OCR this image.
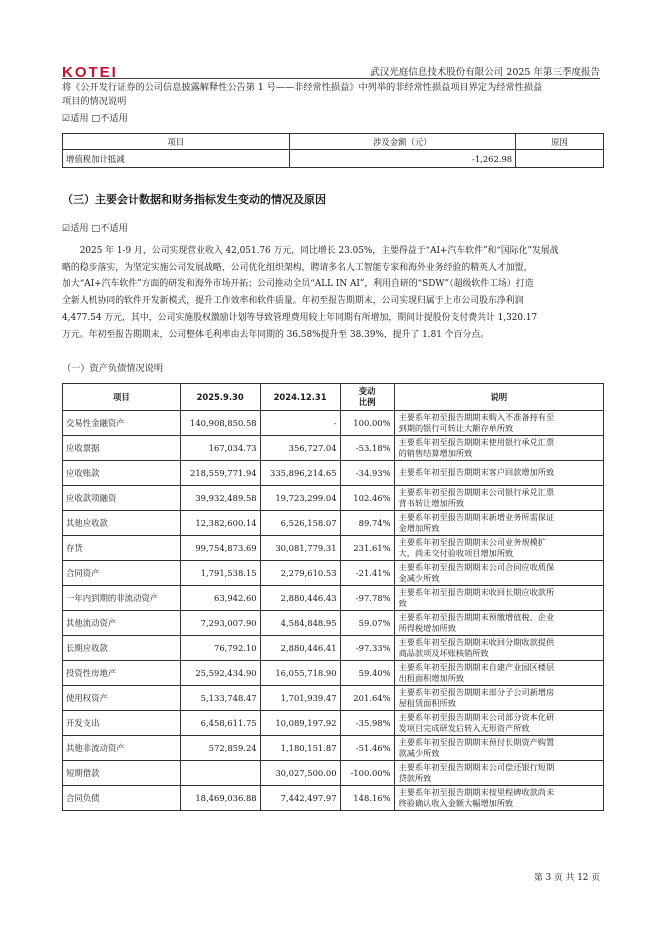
KOTEI	武汉光庭信息技术股份有限公司 2025 年第三季度报告
将《公开发行证券的公司信息披露解释性公告第 1 号——非经常性损益》中列举的非经常性损益项目界定为经常性损益
项目的情况说明
☑适用 □不适用
项目	涉及金额（元）	原因
增值税加计抵减	-1,262.98	
（三）主要会计数据和财务指标发生变动的情况及原因
☑适用 □不适用
　　2025 年 1-9 月，公司实现营业收入 42,051.76 万元，同比增长 23.05%，主要得益于“AI+汽车软件”和“国际化”发展战
略的稳步落实，为坚定实施公司发展战略，公司优化组织架构，聘请多名人工智能专家和海外业务经验的精英人才加盟，
加大“AI+汽车软件”方面的研发和海外市场开拓；公司推动全员“ALL IN AI”，利用自研的“SDW”（超级软件工场）打造
全新人机协同的软件开发新模式，提升工作效率和软件质量。年初至报告期期末，公司实现归属于上市公司股东净利润
4,477.54 万元，其中，公司实施股权激励计划等导致管理费用较上年同期有所增加，期间计提股份支付费共计 1,320.17
万元。年初至报告期期末，公司整体毛利率由去年同期的 36.58%提升至 38.39%，提升了 1.81 个百分点。
（一）资产负债情况说明
项目	2025.9.30	2024.12.31	变动
比例	说明
交易性金融资产	140,908,850.58	-	100.00%	主要系年初至报告期期末购入不准备持有至
到期的银行可转让大额存单所致
应收票据	167,034.73	356,727.04	-53.18%	主要系年初至报告期期末使用银行承兑汇票
的销售结算增加所致
应收账款	218,559,771.94	335,896,214.65	-34.93%	主要系年初至报告期期末客户回款增加所致
应收款项融资	39,932,489.58	19,723,299.04	102.46%	主要系年初至报告期期末公司银行承兑汇票
背书转让增加所致
其他应收款	12,382,600.14	6,526,158.07	89.74%	主要系年初至报告期期末新增业务所需保证
金增加所致
存货	99,754,873.69	30,081,779.31	231.61%	主要系年初至报告期期末公司业务规模扩
大，尚未交付验收项目增加所致
合同资产	1,791,538.15	2,279,610.53	-21.41%	主要系年初至报告期期末公司合同应收质保
金减少所致
一年内到期的非流动资产	63,942.60	2,880,446.43	-97.78%	主要系年初至报告期期末收回长期应收款所
致
其他流动资产	7,293,007.90	4,584,848.95	59.07%	主要系年初至报告期期末预缴增值税、企业
所得税增加所致
长期应收款	76,792.10	2,880,446.41	-97.33%	主要系年初至报告期期末收回分期收款提供
商品款项及坏账核销所致
投资性房地产	25,592,434.90	16,055,718.90	59.40%	主要系年初至报告期期末自建产业园区楼层
出租面积增加所致
使用权资产	5,133,748.47	1,701,939.47	201.64%	主要系年初至报告期期末部分子公司新增房
屋租赁面积所致
开发支出	6,458,611.75	10,089,197.92	-35.98%	主要系年初至报告期期末公司部分资本化研
发项目完成研发后转入无形资产所致
其他非流动资产	572,859.24	1,180,151.87	-51.46%	主要系年初至报告期期末预付长期资产购置
款减少所致
短期借款		30,027,500.00	-100.00%	主要系年初至报告期期末公司偿还银行短期
贷款所致
合同负债	18,469,036.88	7,442,497.97	148.16%	主要系年初至报告期期末按里程碑收款尚未
终验确认收入金额大幅增加所致
第 3 页 共 12 页
